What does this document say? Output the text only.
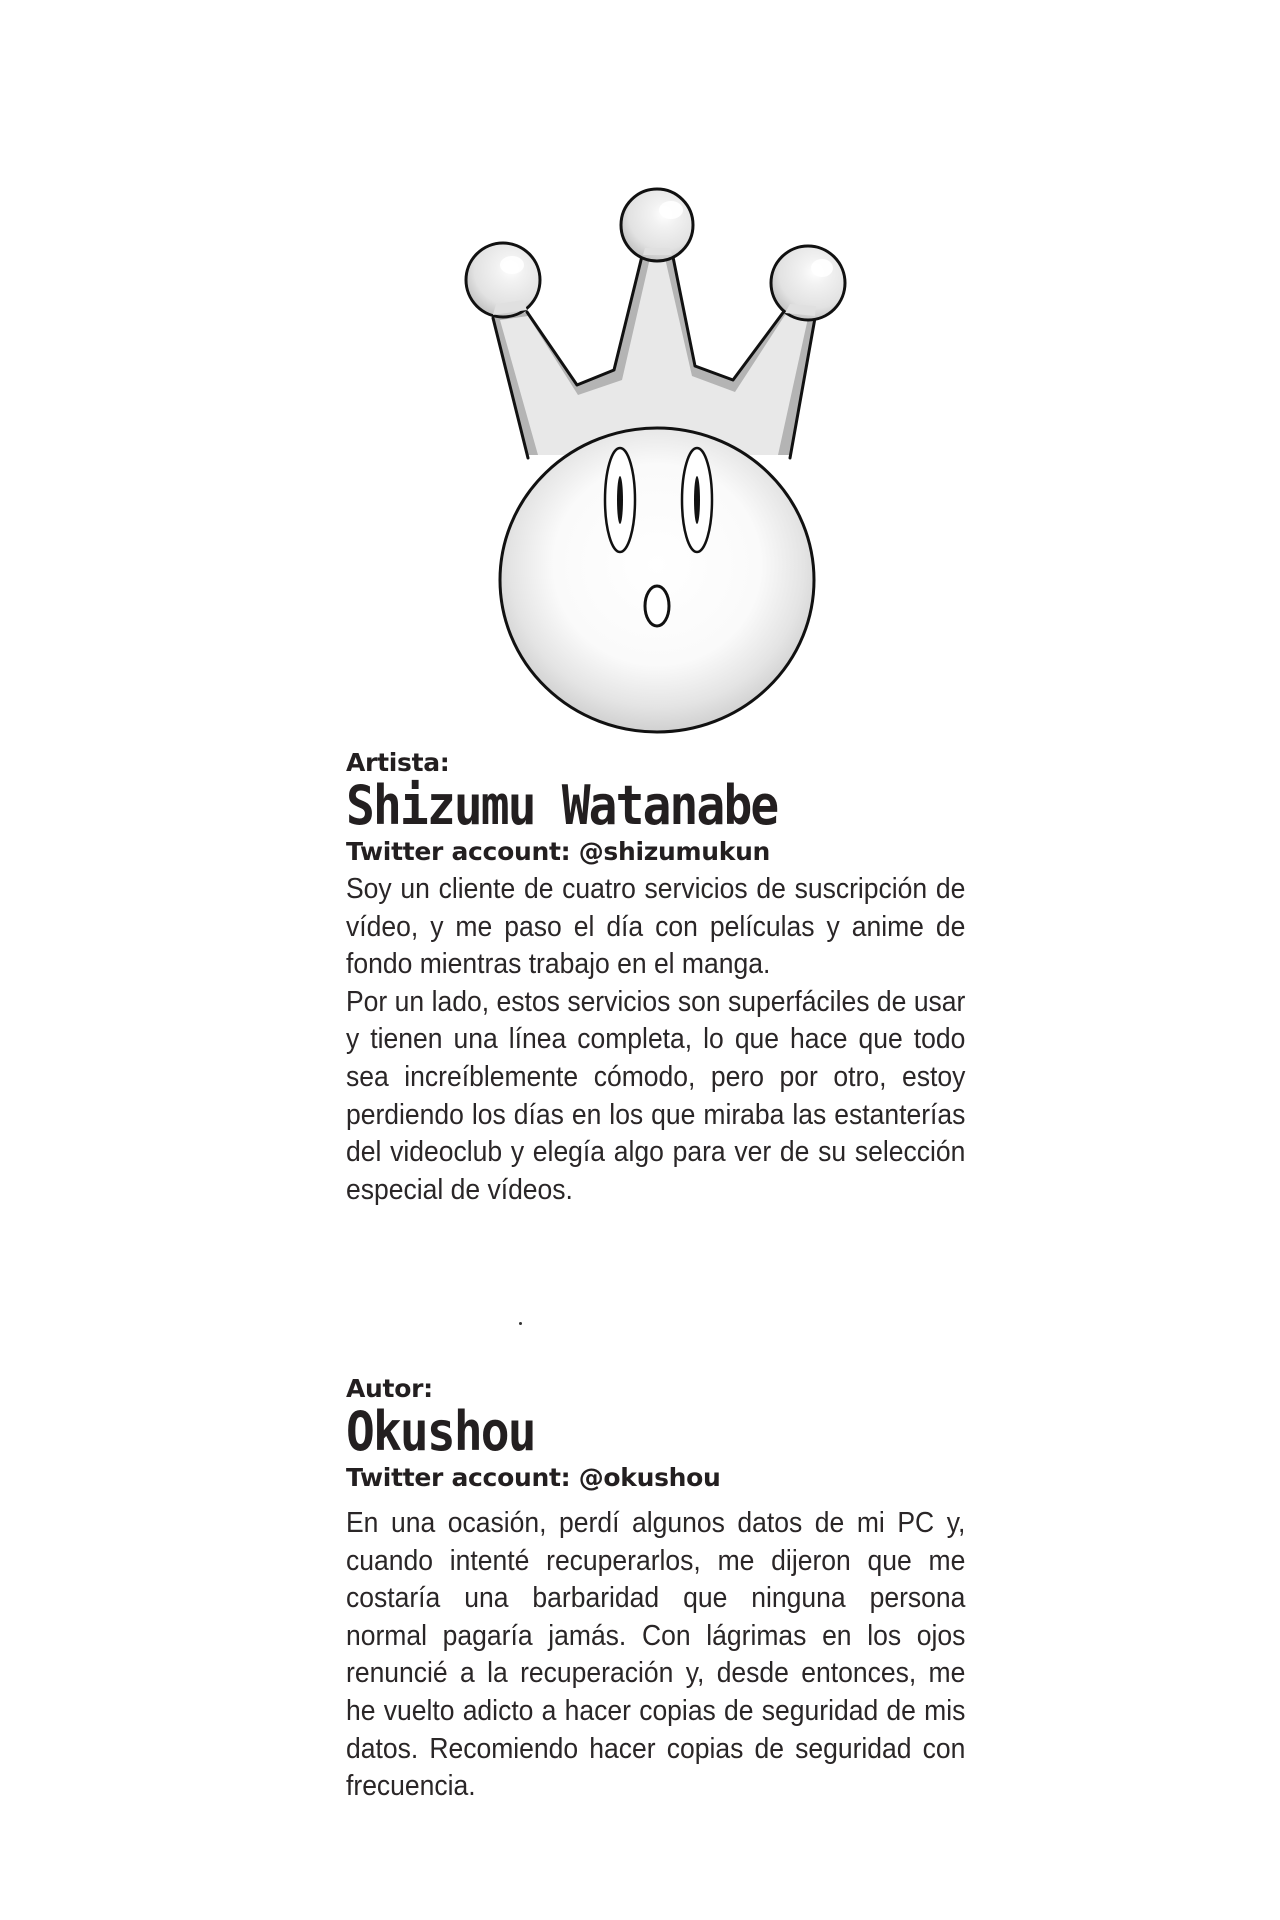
Artista:
Shizumu Watanabe
Twitter account: @shizumukun

Soy un cliente de cuatro servicios de suscripción de vídeo, y me paso el día con películas y anime de fondo mientras trabajo en el manga.

Por un lado, estos servicios son superfáciles de usar y tienen una línea completa, lo que hace que todo sea increíblemente cómodo, pero por otro, estoy perdiendo los días en los que miraba las estanterías del videoclub y elegía algo para ver de su selección especial de vídeos.

Autor:
Okushou
Twitter account: @okushou

En una ocasión, perdí algunos datos de mi PC y, cuando intenté recuperarlos, me dijeron que me costaría una barbaridad que ninguna persona normal pagaría jamás. Con lágrimas en los ojos renuncié a la recuperación y, desde entonces, me he vuelto adicto a hacer copias de seguridad de mis datos. Recomiendo hacer copias de seguridad con frecuencia.
